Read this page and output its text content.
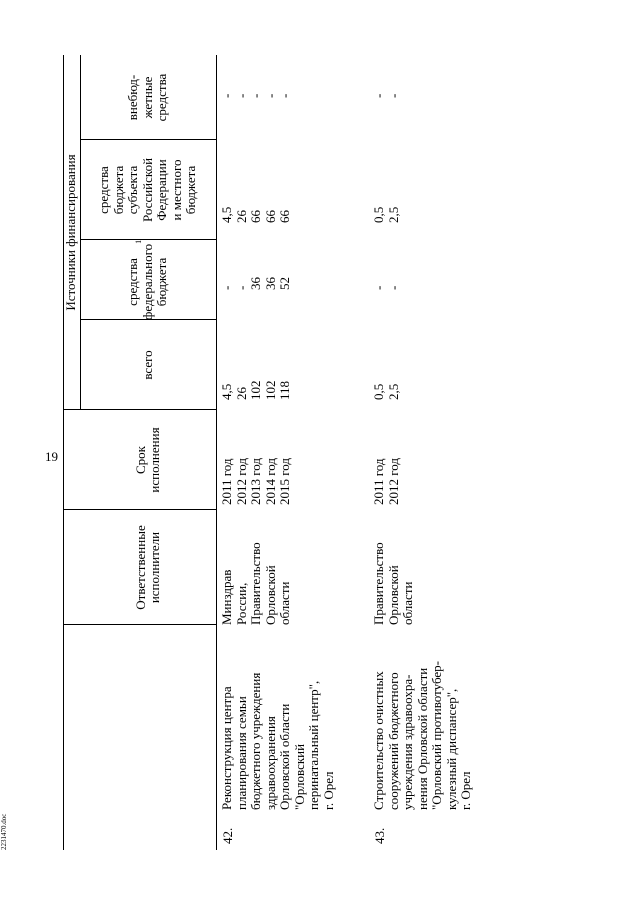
19
2231470.doc
Ответственные
исполнители
Срок
исполнения
Источники финансирования
всего
средства
федерального
бюджета
1
средства
бюджета
субъекта
Российской
Федерации
и местного
бюджета
внебюд-
жетные
средства
42.
Реконструкция центра
планирования семьи
бюджетного учреждения
здравоохранения
Орловской области
"Орловский
перинатальный центр",
г. Орел
Минздрав
России,
Правительство
Орловской
области
2011 год
2012 год
2013 год
2014 год
2015 год
4,5
26
102
102
118
-
-
36
36
52
4,5
26
66
66
66
-
-
-
-
-
43.
Строительство очистных
сооружений бюджетного
учреждения здравоохра-
нения Орловской области
"Орловский противотубер-
кулезный диспансер",
г. Орел
Правительство
Орловской
области
2011 год
2012 год
0,5
2,5
-
-
0,5
2,5
-
-
